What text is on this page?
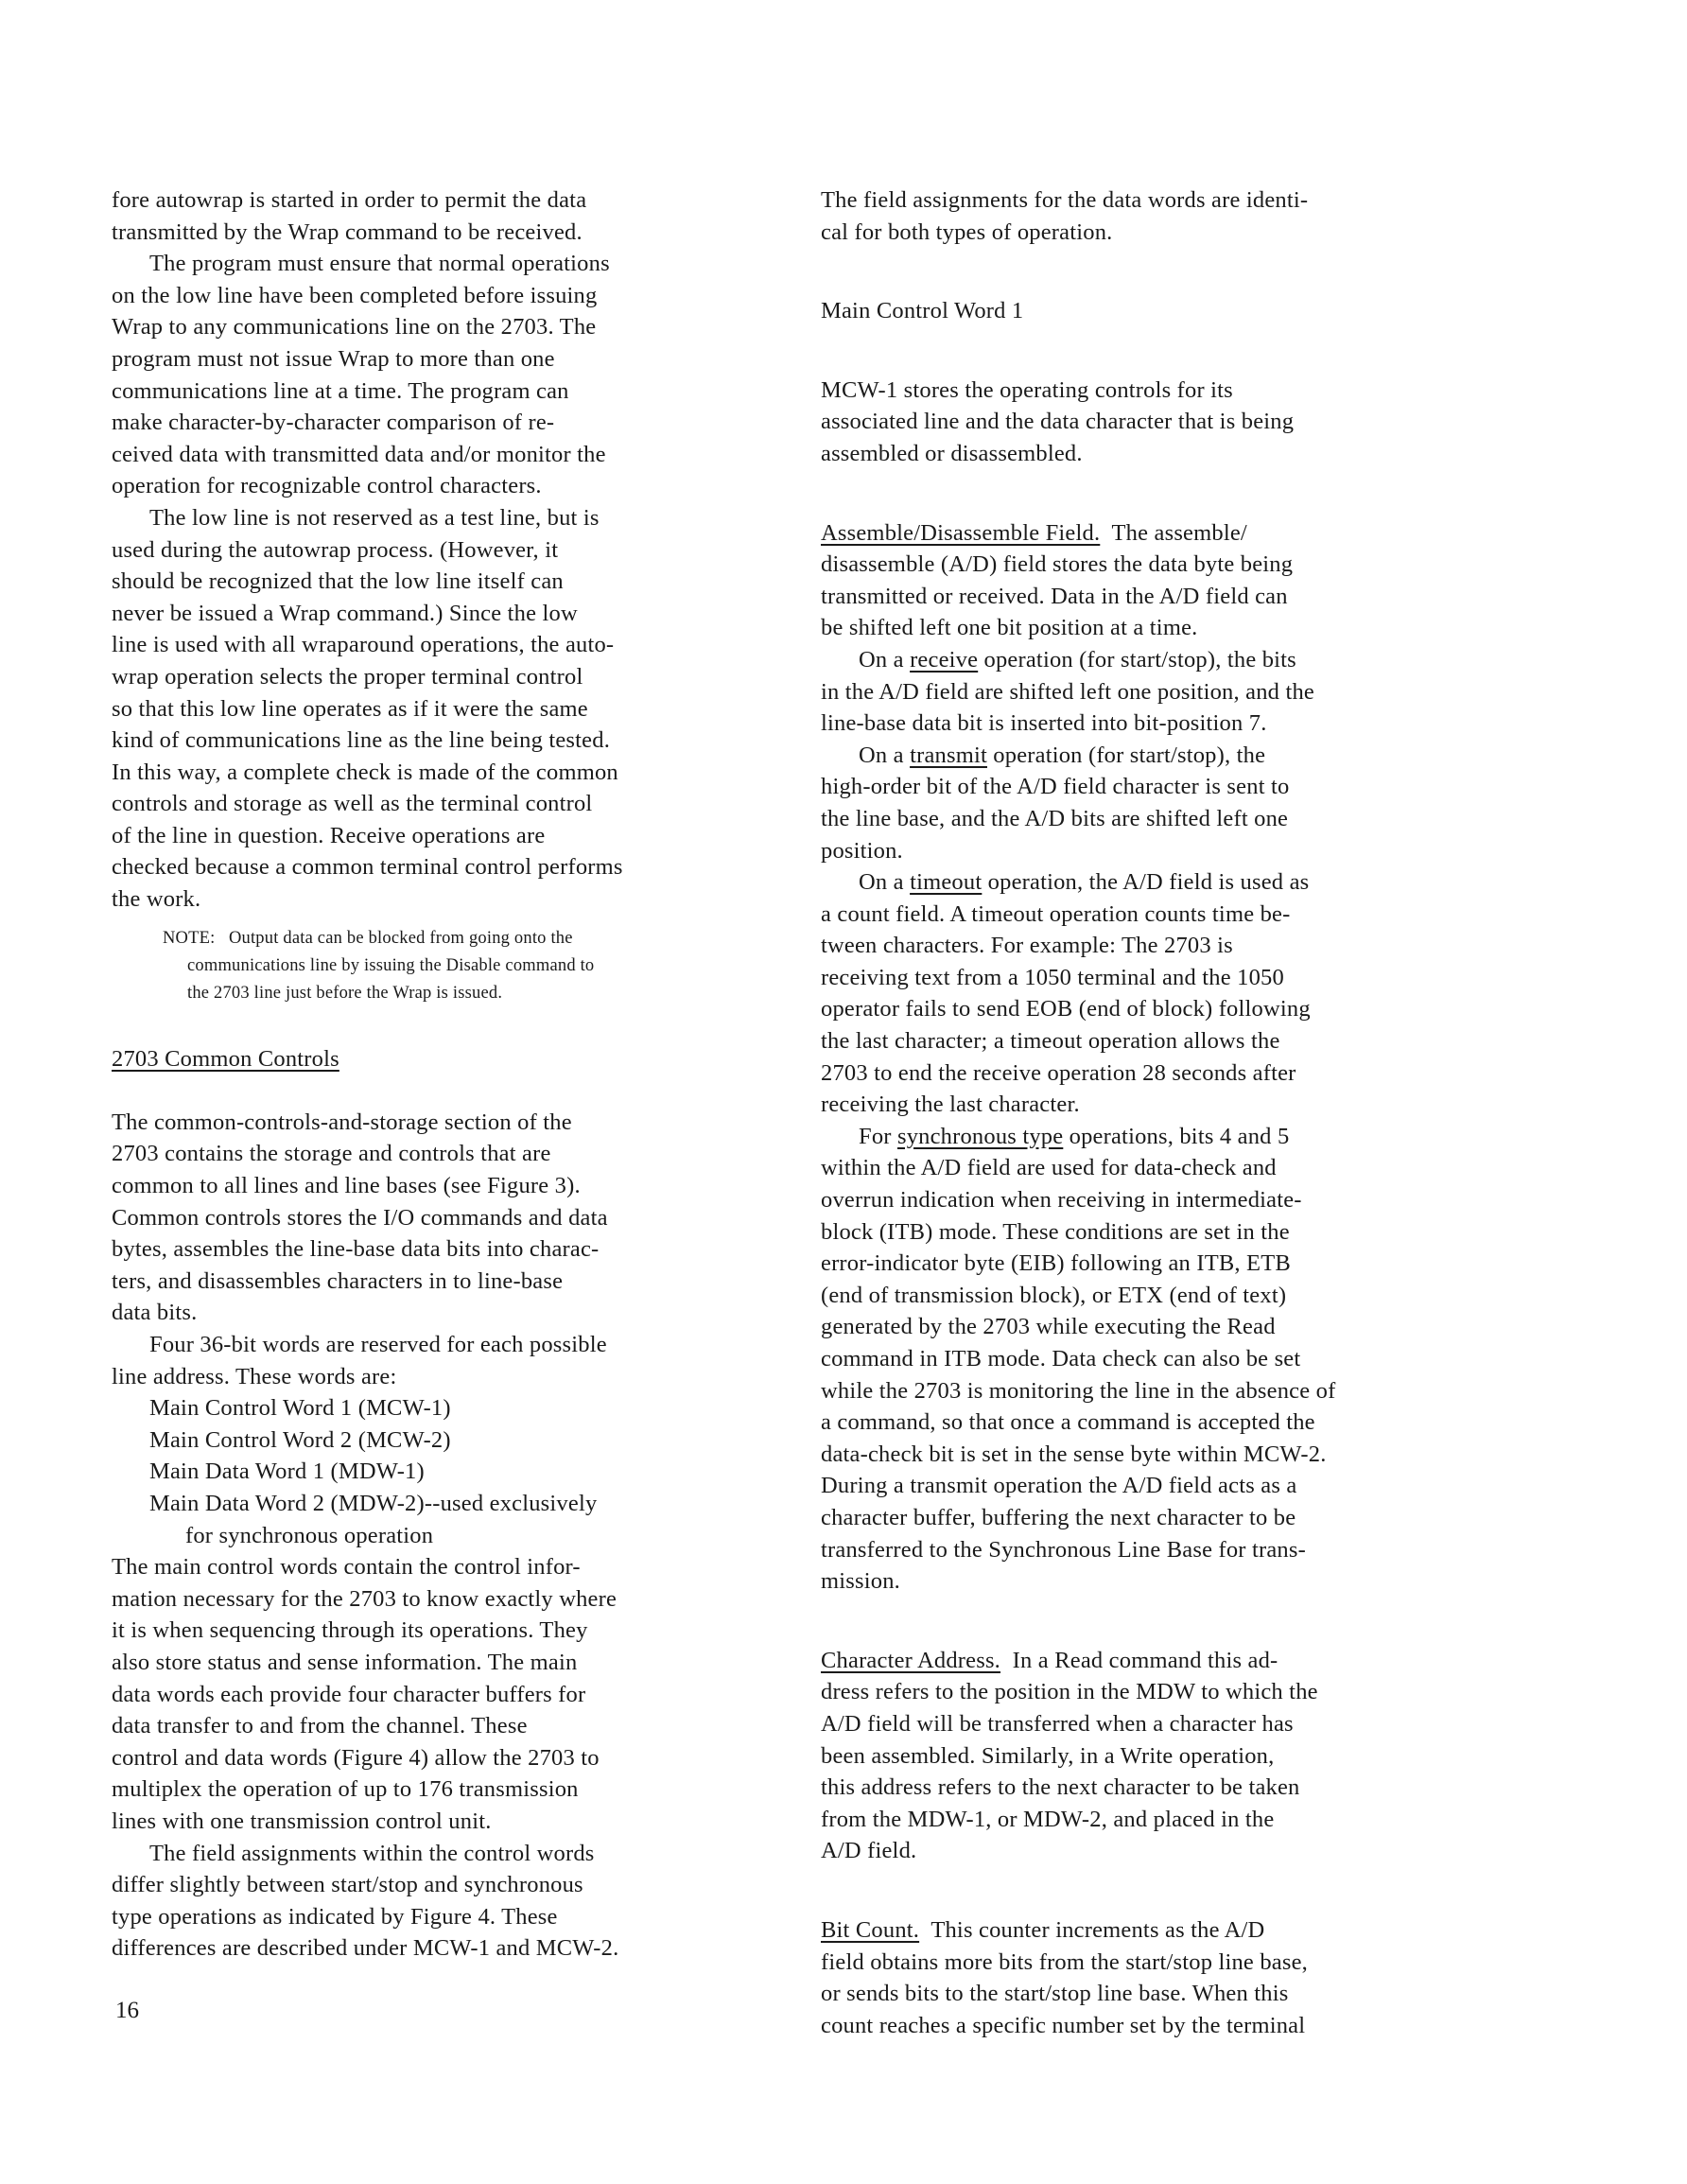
fore autowrap is started in order to permit the data
transmitted by the Wrap command to be received.

The program must ensure that normal operations
on the low line have been completed before issuing
Wrap to any communications line on the 2703. The
program must not issue Wrap to more than one
communications line at a time. The program can
make character-by-character comparison of re-
ceived data with transmitted data and/or monitor the
operation for recognizable control characters.

The low line is not reserved as a test line, but is
used during the autowrap process. (However, it
should be recognized that the low line itself can
never be issued a Wrap command.) Since the low
line is used with all wraparound operations, the auto-
wrap operation selects the proper terminal control
so that this low line operates as if it were the same
kind of communications line as the line being tested.
In this way, a complete check is made of the common
controls and storage as well as the terminal control
of the line in question. Receive operations are
checked because a common terminal control performs
the work.

NOTE: Output data can be blocked from going onto the
communications line by issuing the Disable command to
the 2703 line just before the Wrap is issued.

2703 Common Controls

The common-controls-and-storage section of the
2703 contains the storage and controls that are
common to all lines and line bases (see Figure 3).
Common controls stores the I/O commands and data
bytes, assembles the line-base data bits into charac-
ters, and disassembles characters in to line-base
data bits.

Four 36-bit words are reserved for each possible
line address. These words are:

Main Control Word 1 (MCW-1)
Main Control Word 2 (MCW-2)
Main Data Word 1 (MDW-1)
Main Data Word 2 (MDW-2)--used exclusively
for synchronous operation

The main control words contain the control infor-
mation necessary for the 2703 to know exactly where
it is when sequencing through its operations. They
also store status and sense information. The main
data words each provide four character buffers for
data transfer to and from the channel. These
control and data words (Figure 4) allow the 2703 to
multiplex the operation of up to 176 transmission
lines with one transmission control unit.

The field assignments within the control words
differ slightly between start/stop and synchronous
type operations as indicated by Figure 4. These
differences are described under MCW-1 and MCW-2.

The field assignments for the data words are identi-
cal for both types of operation.

Main Control Word 1

MCW-1 stores the operating controls for its
associated line and the data character that is being
assembled or disassembled.

Assemble/Disassemble Field.  The assemble/
disassemble (A/D) field stores the data byte being
transmitted or received. Data in the A/D field can
be shifted left one bit position at a time.

On a receive operation (for start/stop), the bits
in the A/D field are shifted left one position, and the
line-base data bit is inserted into bit-position 7.

On a transmit operation (for start/stop), the
high-order bit of the A/D field character is sent to
the line base, and the A/D bits are shifted left one
position.

On a timeout operation, the A/D field is used as
a count field. A timeout operation counts time be-
tween characters. For example: The 2703 is
receiving text from a 1050 terminal and the 1050
operator fails to send EOB (end of block) following
the last character; a timeout operation allows the
2703 to end the receive operation 28 seconds after
receiving the last character.

For synchronous type operations, bits 4 and 5
within the A/D field are used for data-check and
overrun indication when receiving in intermediate-
block (ITB) mode. These conditions are set in the
error-indicator byte (EIB) following an ITB, ETB
(end of transmission block), or ETX (end of text)
generated by the 2703 while executing the Read
command in ITB mode. Data check can also be set
while the 2703 is monitoring the line in the absence of
a command, so that once a command is accepted the
data-check bit is set in the sense byte within MCW-2.
During a transmit operation the A/D field acts as a
character buffer, buffering the next character to be
transferred to the Synchronous Line Base for trans-
mission.

Character Address.  In a Read command this ad-
dress refers to the position in the MDW to which the
A/D field will be transferred when a character has
been assembled. Similarly, in a Write operation,
this address refers to the next character to be taken
from the MDW-1, or MDW-2, and placed in the
A/D field.

Bit Count.  This counter increments as the A/D
field obtains more bits from the start/stop line base,
or sends bits to the start/stop line base. When this
count reaches a specific number set by the terminal

16
